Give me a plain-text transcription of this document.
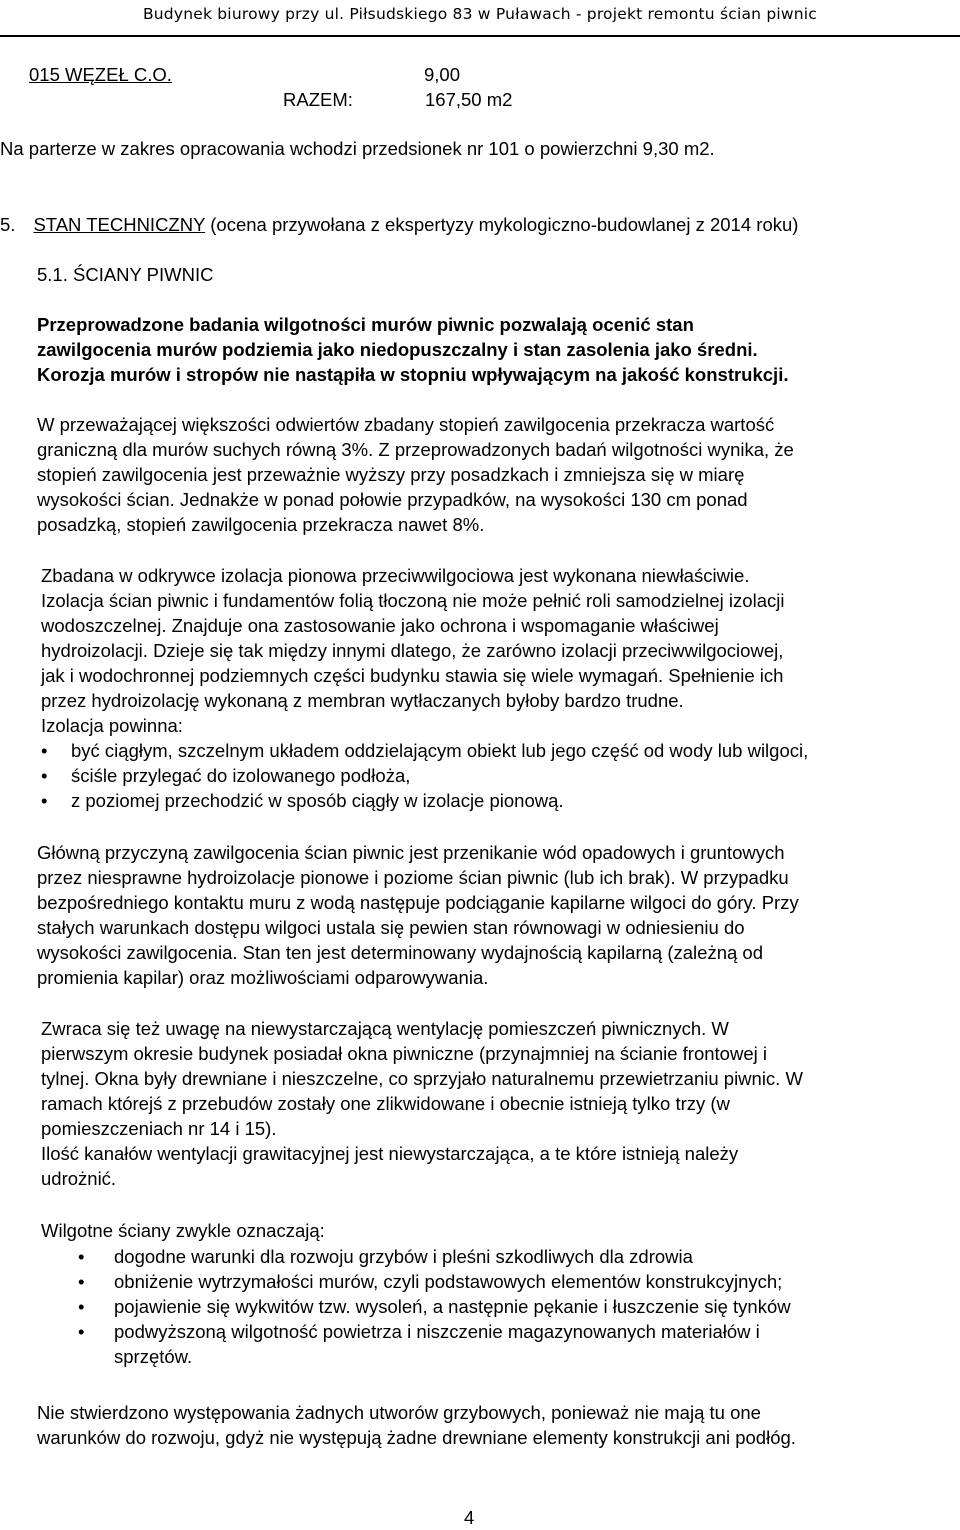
Budynek biurowy przy ul. Piłsudskiego 83 w Puławach - projekt remontu ścian piwnic
015 WĘZEŁ C.O.	9,00
RAZEM:	167,50 m2
Na parterze w zakres opracowania wchodzi przedsionek nr 101 o powierzchni 9,30 m2.
5. STAN TECHNICZNY (ocena przywołana z ekspertyzy mykologiczno-budowlanej z 2014 roku)
5.1. ŚCIANY PIWNIC

Przeprowadzone badania wilgotności murów piwnic pozwalają ocenić stan

zawilgocenia murów podziemia jako niedopuszczalny i stan zasolenia jako średni.

Korozja murów i stropów nie nastąpiła w stopniu wpływającym na jakość konstrukcji.

W przeważającej większości odwiertów zbadany stopień zawilgocenia przekracza wartość

graniczną dla murów suchych równą 3%. Z przeprowadzonych badań wilgotności wynika, że

stopień zawilgocenia jest przeważnie wyższy przy posadzkach i zmniejsza się w miarę

wysokości ścian. Jednakże w ponad połowie przypadków, na wysokości 130 cm ponad

posadzką, stopień zawilgocenia przekracza nawet 8%.

Zbadana w odkrywce izolacja pionowa przeciwwilgociowa jest wykonana niewłaściwie.

Izolacja ścian piwnic i fundamentów folią tłoczoną nie może pełnić roli samodzielnej izolacji

wodoszczelnej. Znajduje ona zastosowanie jako ochrona i wspomaganie właściwej

hydroizolacji. Dzieje się tak między innymi dlatego, że zarówno izolacji przeciwwilgociowej,

jak i wodochronnej podziemnych części budynku stawia się wiele wymagań. Spełnienie ich

przez hydroizolację wykonaną z membran wytłaczanych byłoby bardzo trudne.

Izolacja powinna:

• być ciągłym, szczelnym układem oddzielającym obiekt lub jego część od wody lub wilgoci,
• ściśle przylegać do izolowanego podłoża,
• z poziomej przechodzić w sposób ciągły w izolacje pionową.

Główną przyczyną zawilgocenia ścian piwnic jest przenikanie wód opadowych i gruntowych

przez niesprawne hydroizolacje pionowe i poziome ścian piwnic (lub ich brak). W przypadku

bezpośredniego kontaktu muru z wodą następuje podciąganie kapilarne wilgoci do góry. Przy

stałych warunkach dostępu wilgoci ustala się pewien stan równowagi w odniesieniu do

wysokości zawilgocenia. Stan ten jest determinowany wydajnością kapilarną (zależną od

promienia kapilar) oraz możliwościami odparowywania.

Zwraca się też uwagę na niewystarczającą wentylację pomieszczeń piwnicznych. W

pierwszym okresie budynek posiadał okna piwniczne (przynajmniej na ścianie frontowej i

tylnej. Okna były drewniane i nieszczelne, co sprzyjało naturalnemu przewietrzaniu piwnic. W

ramach którejś z przebudów zostały one zlikwidowane i obecnie istnieją tylko trzy (w

pomieszczeniach nr 14 i 15).

Ilość kanałów wentylacji grawitacyjnej jest niewystarczająca, a te które istnieją należy

udrożnić.

Wilgotne ściany zwykle oznaczają:
• dogodne warunki dla rozwoju grzybów i pleśni szkodliwych dla zdrowia
• obniżenie wytrzymałości murów, czyli podstawowych elementów konstrukcyjnych;
• pojawienie się wykwitów tzw. wysoleń, a następnie pękanie i łuszczenie się tynków
• podwyższoną wilgotność powietrza i niszczenie magazynowanych materiałów i
sprzętów.

Nie stwierdzono występowania żadnych utworów grzybowych, ponieważ nie mają tu one

warunków do rozwoju, gdyż nie występują żadne drewniane elementy konstrukcji ani podłóg.

4
